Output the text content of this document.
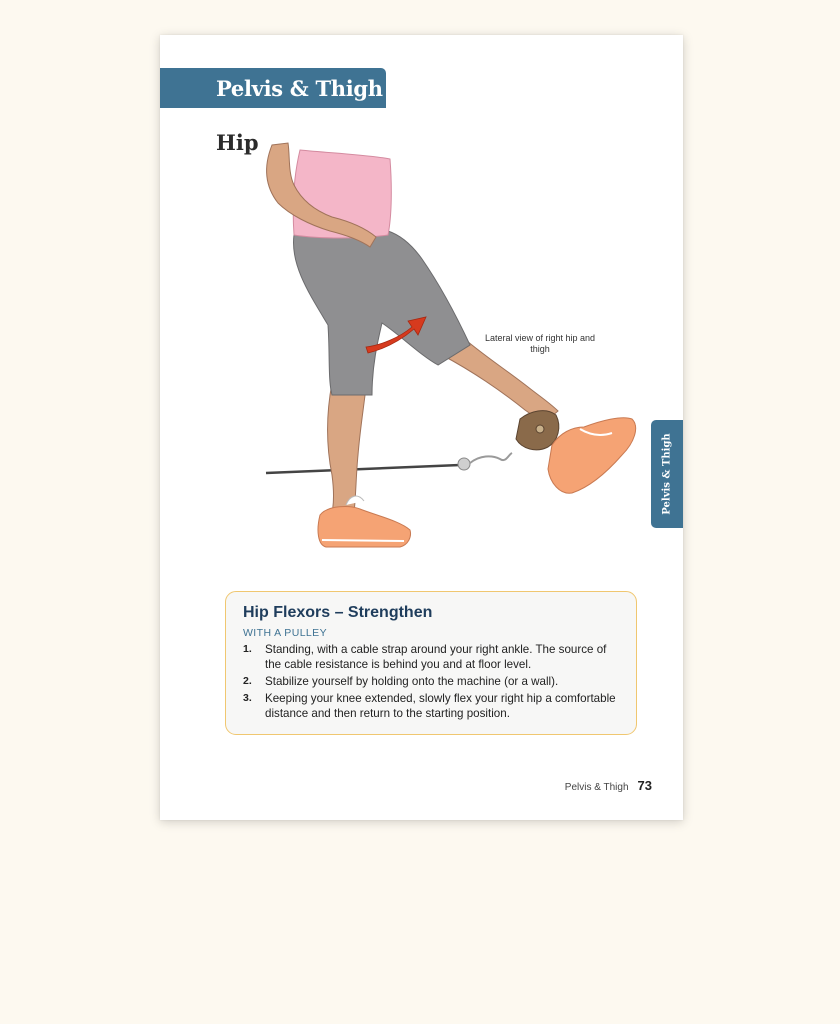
Pelvis & Thigh
Hip
Lateral view of right hip and thigh
Pelvis & Thigh
Hip Flexors – Strengthen
WITH A PULLEY
1. Standing, with a cable strap around your right ankle. The source of the cable resistance is behind you and at floor level.
2. Stabilize yourself by holding onto the machine (or a wall).
3. Keeping your knee extended, slowly flex your right hip a comfortable distance and then return to the starting position.
Pelvis & Thigh 73
